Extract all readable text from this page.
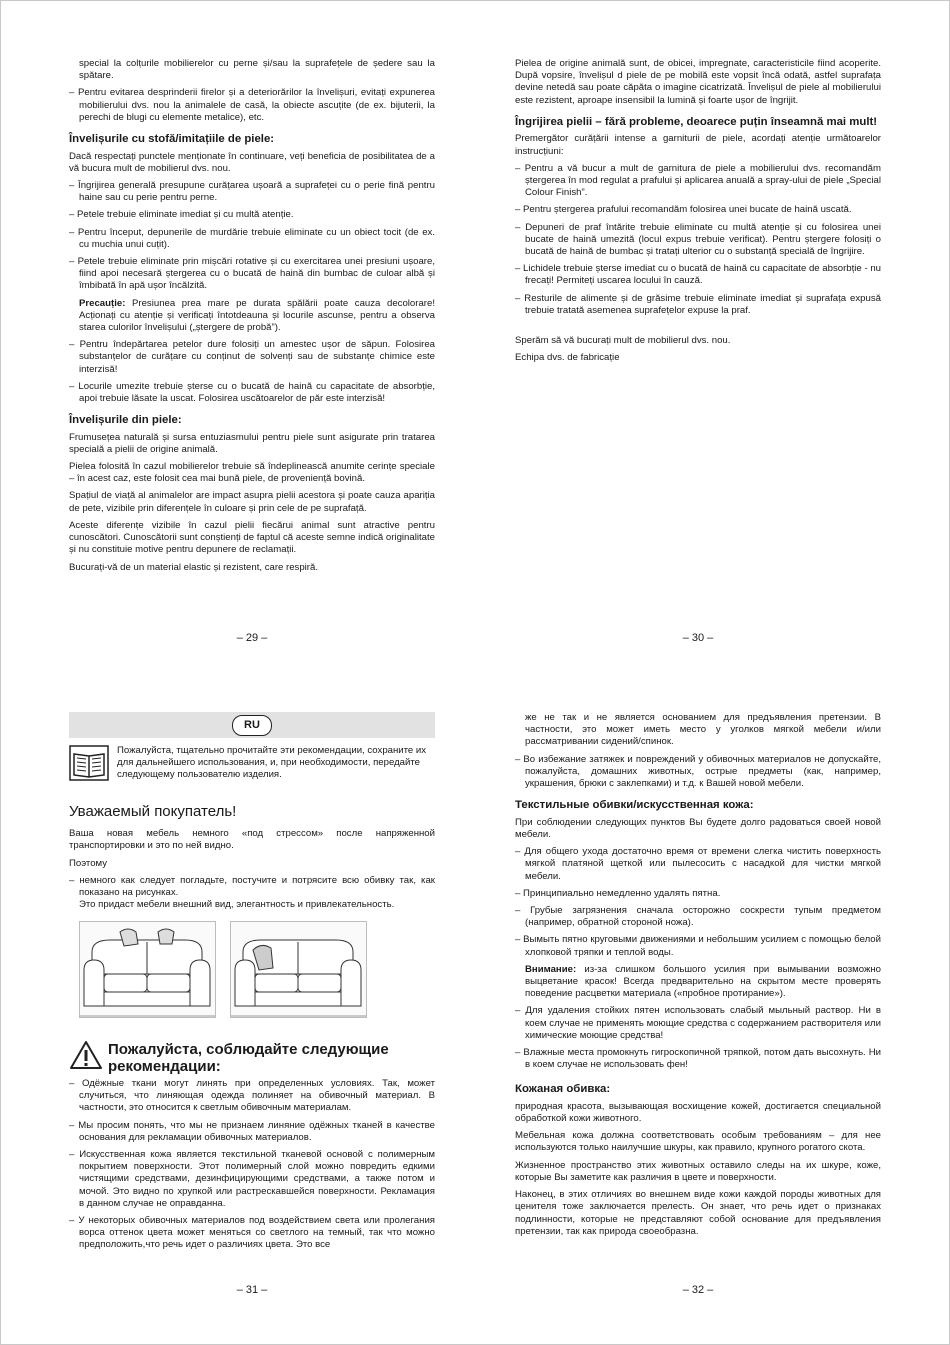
special la colțurile mobilierelor cu perne și/sau la suprafețele de ședere sau la spătare.

– Pentru evitarea desprinderii firelor și a deteriorărilor la învelișuri, evitați expunerea mobilierului dvs. nou la animalele de casă, la obiecte ascuțite (de ex. bijuterii, la perechi de blugi cu elemente metalice), etc.

Învelișurile cu stofă/imitațiile de piele:

Dacă respectați punctele menționate în continuare, veți beneficia de posibilitatea de a vă bucura mult de mobilierul dvs. nou.

– Îngrijirea generală presupune curățarea ușoară a suprafeței cu o perie fină pentru haine sau cu perie pentru perne.

– Petele trebuie eliminate imediat și cu multă atenție.

– Pentru început, depunerile de murdărie trebuie eliminate cu un obiect tocit (de ex. cu muchia unui cuțit).

– Petele trebuie eliminate prin mișcări rotative și cu exercitarea unei presiuni ușoare, fiind apoi necesară ștergerea cu o bucată de haină din bumbac de culoar albă și îmbibată în apă ușor încălzită.

Precauție: Presiunea prea mare pe durata spălării poate cauza decolorare! Acționați cu atenție și verificați întotdeauna și locurile ascunse, pentru a observa starea culorilor învelișului („ștergere de probă”).

– Pentru îndepărtarea petelor dure folosiți un amestec ușor de săpun. Folosirea substanțelor de curățare cu conținut de solvenți sau de substanțe chimice este interzisă!

– Locurile umezite trebuie șterse cu o bucată de haină cu capacitate de absorbție, apoi trebuie lăsate la uscat. Folosirea uscătoarelor de păr este interzisă!

Învelișurile din piele:

Frumusețea naturală și sursa entuziasmului pentru piele sunt asigurate prin tratarea specială a pielii de origine animală.

Pielea folosită în cazul mobilierelor trebuie să îndeplinească anumite cerințe speciale – în acest caz, este folosit cea mai bună piele, de proveniență bovină.

Spațiul de viață al animalelor are impact asupra pielii acestora și poate cauza apariția de pete, vizibile prin diferențele în culoare și prin cele de pe suprafață.

Aceste diferențe vizibile în cazul pielii fiecărui animal sunt atractive pentru cunoscători. Cunoscătorii sunt conștienți de faptul că aceste semne indică originalitate și nu constituie motive pentru depunere de reclamații.

Bucurați-vă de un material elastic și rezistent, care respiră.

– 29 –

Pielea de origine animală sunt, de obicei, impregnate, caracteristicile fiind acoperite. După vopsire, învelișul d piele de pe mobilă este vopsit încă odată, astfel suprafața devine netedă sau poate căpăta o imagine cicatrizată. Învelișul de piele al mobilierului este rezistent, aproape insensibil la lumină și foarte ușor de îngrijit.

Îngrijirea pielii – fără probleme, deoarece puțin înseamnă mai mult!

Premergător curățării intense a garniturii de piele, acordați atenție următoarelor instrucțiuni:

– Pentru a vă bucur a mult de garnitura de piele a mobilierului dvs. recomandăm ștergerea în mod regulat a prafului și aplicarea anuală a spray-ului de piele „Special Colour Finish”.

– Pentru ștergerea prafului recomandăm folosirea unei bucate de haină uscată.

– Depuneri de praf întărite trebuie eliminate cu multă atenție și cu folosirea unei bucate de haină umezită (locul expus trebuie verificat). Pentru ștergere folosiți o bucată de haină de bumbac și tratați ulterior cu o substanță specială de îngrijire.

– Lichidele trebuie șterse imediat cu o bucată de haină cu capacitate de absorbție - nu frecați! Permiteți uscarea locului în cauză.

– Resturile de alimente și de grăsime trebuie eliminate imediat și suprafața expusă trebuie tratată asemenea suprafețelor expuse la praf.

Sperăm să vă bucurați mult de mobilierul dvs. nou.

Echipa dvs. de fabricație

– 30 –
RU
Пожалуйста, тщательно прочитайте эти рекомендации, сохраните их для дальнейшего использования, и, при необходимости, передайте следующему пользователю изделия.
Уважаемый покупатель!

Ваша новая мебель немного «под стрессом» после напряженной транспортировки и это по ней видно.

Поэтому

– немного как следует погладьте, постучите и потрясите всю обивку так, как показано на рисунках.

Это придаст мебели внешний вид, элегантность и привлекательность.

Пожалуйста, соблюдайте следующие рекомендации:

– Одёжные ткани могут линять при определенных условиях. Так, может случиться, что линяющая одежда полиняет на обивочный материал. В частности, это относится к светлым обивочным материалам.

– Мы просим понять, что мы не признаем линяние одёжных тканей в качестве основания для рекламации обивочных материалов.

– Искусственная кожа является текстильной тканевой основой с полимерным покрытием поверхности. Этот полимерный слой можно повредить едкими чистящими средствами, дезинфицирующими средствами, а также потом и мочой. Это видно по хрупкой или растрескавшейся поверхности. Рекламация в данном случае не оправданна.

– У некоторых обивочных материалов под воздействием света или пролегания ворса оттенок цвета может меняться со светлого на темный, так что можно предположить,что речь идет о различиях цвета. Это все

– 31 –

же не так и не является основанием для предъявления претензии. В частности, это может иметь место у уголков мягкой мебели и/или рассматривании сидений/спинок.

– Во избежание затяжек и повреждений у обивочных материалов не допускайте, пожалуйста, домашних животных, острые предметы (как, например, украшения, брюки с заклепками) и т.д. к Вашей новой мебели.

Текстильные обивки/искусственная кожа:

При соблюдении следующих пунктов Вы будете долго радоваться своей новой мебели.

– Для общего ухода достаточно время от времени слегка чистить поверхность мягкой платяной щеткой или пылесосить с насадкой для чистки мягкой мебели.

– Принципиально немедленно удалять пятна.

– Грубые загрязнения сначала осторожно соскрести тупым предметом (например, обратной стороной ножа).

– Вымыть пятно круговыми движениями и небольшим усилием с помощью белой хлопковой тряпки и теплой воды.

Внимание: из-за слишком большого усилия при вымывании возможно выцветание красок! Всегда предварительно на скрытом месте проверять поведение расцветки материала («пробное протирание»).

– Для удаления стойких пятен использовать слабый мыльный раствор. Ни в коем случае не применять моющие средства с содержанием растворителя или химические моющие средства!

– Влажные места промокнуть гигроскопичной тряпкой, потом дать высохнуть. Ни в коем случае не использовать фен!

Кожаная обивка:

природная красота, вызывающая восхищение кожей, достигается специальной обработкой кожи животного.

Мебельная кожа должна соответствовать особым требованиям – для нее используются только наилучшие шкуры, как правило, крупного рогатого скота.

Жизненное пространство этих животных оставило следы на их шкуре, коже, которые Вы заметите как различия в цвете и поверхности.

Наконец, в этих отличиях во внешнем виде кожи каждой породы животных для ценителя тоже заключается прелесть. Он знает, что речь идет о признаках подлинности, которые не представляют собой основание для предъявления претензии, так как природа своеобразна.

– 32 –
